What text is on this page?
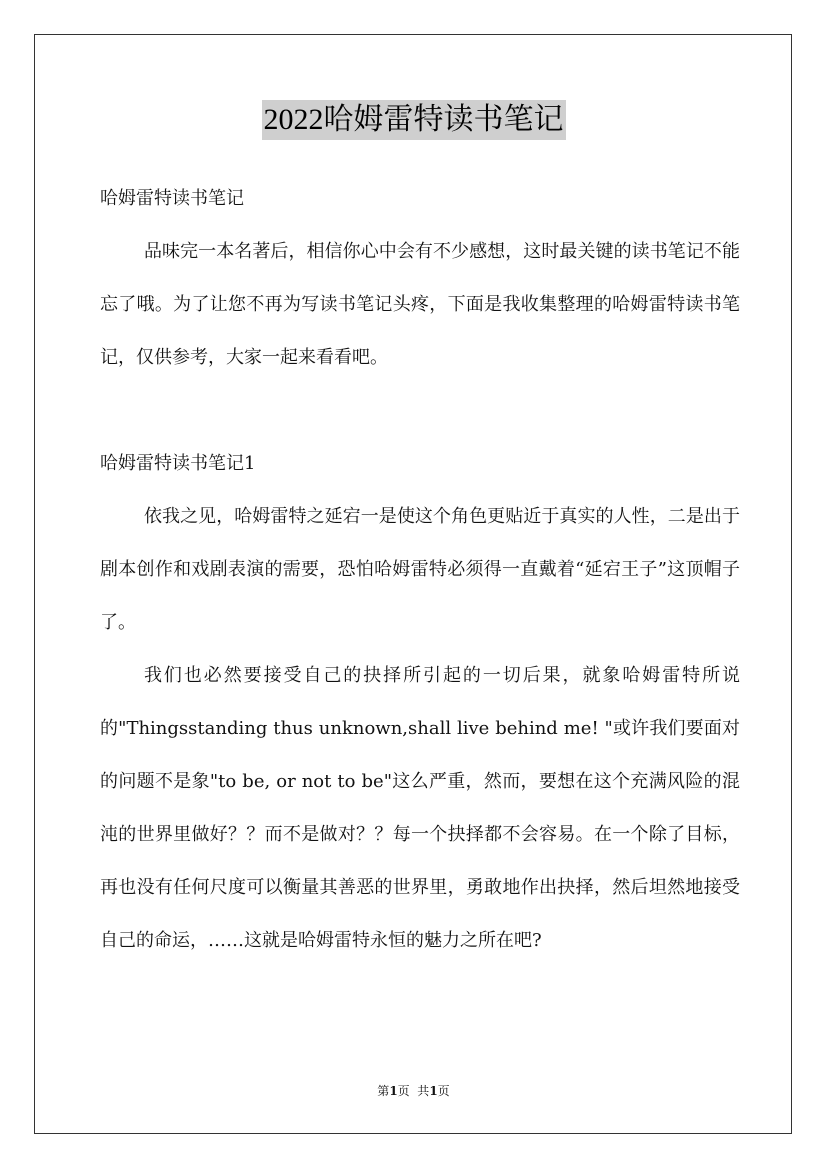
2022哈姆雷特读书笔记

哈姆雷特读书笔记

品味完一本名著后，相信你心中会有不少感想，这时最关键的读书笔记不能忘了哦。为了让您不再为写读书笔记头疼，下面是我收集整理的哈姆雷特读书笔记，仅供参考，大家一起来看看吧。

哈姆雷特读书笔记1

依我之见，哈姆雷特之延宕一是使这个角色更贴近于真实的人性，二是出于剧本创作和戏剧表演的需要，恐怕哈姆雷特必须得一直戴着“延宕王子”这顶帽子了。

我们也必然要接受自己的抉择所引起的一切后果，就象哈姆雷特所说的"Thingsstanding thus unknown,shall live behind me! "或许我们要面对的问题不是象"to be, or not to be"这么严重，然而，要想在这个充满风险的混沌的世界里做好？？而不是做对？？每一个抉择都不会容易。在一个除了目标，再也没有任何尺度可以衡量其善恶的世界里，勇敢地作出抉择，然后坦然地接受自己的命运，……这就是哈姆雷特永恒的魅力之所在吧?

第1页  共1页
